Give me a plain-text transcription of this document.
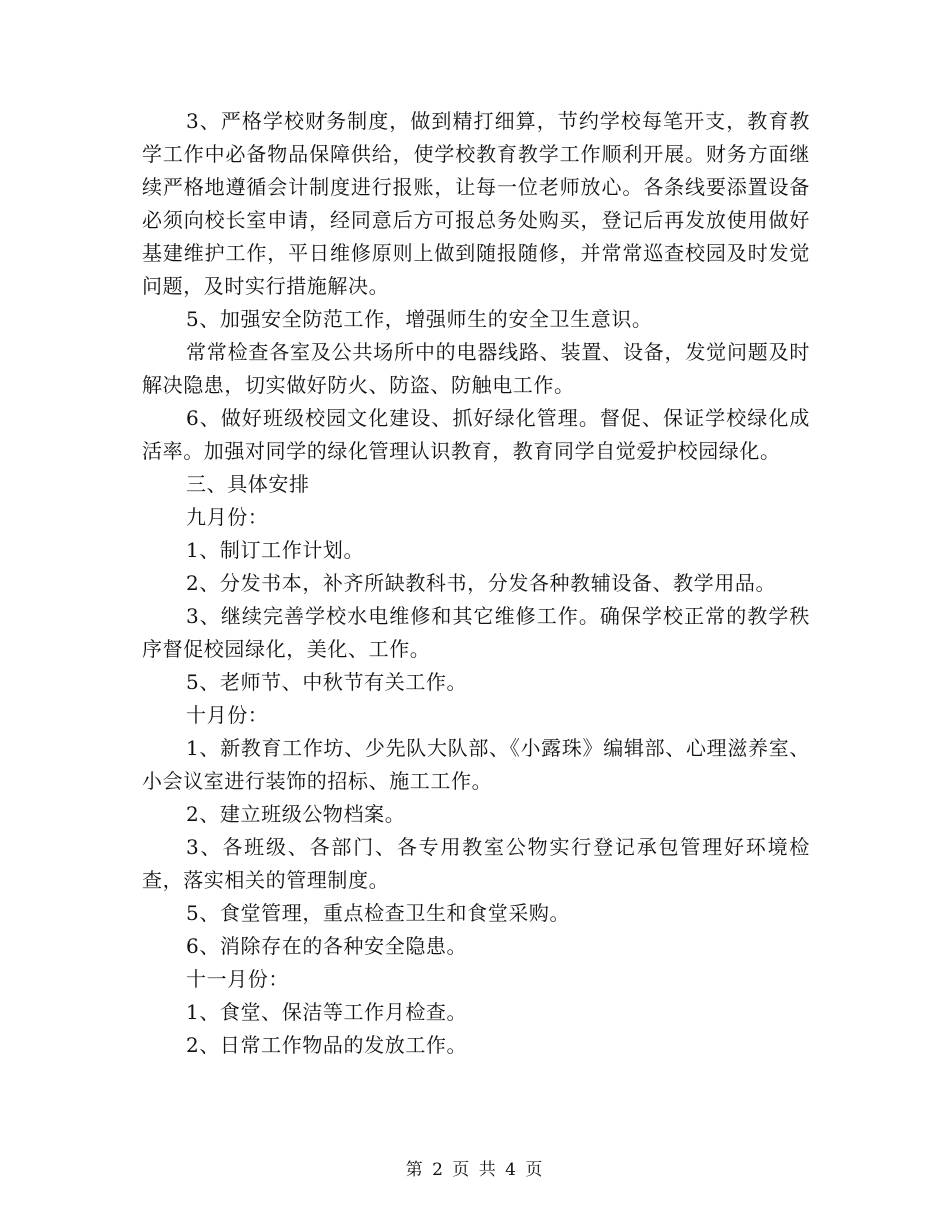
3、严格学校财务制度，做到精打细算，节约学校每笔开支，教育教学工作中必备物品保障供给，使学校教育教学工作顺利开展。财务方面继续严格地遵循会计制度进行报账，让每一位老师放心。各条线要添置设备必须向校长室申请，经同意后方可报总务处购买，登记后再发放使用做好基建维护工作，平日维修原则上做到随报随修，并常常巡查校园及时发觉问题，及时实行措施解决。

5、加强安全防范工作，增强师生的安全卫生意识。

常常检查各室及公共场所中的电器线路、装置、设备，发觉问题及时解决隐患，切实做好防火、防盗、防触电工作。

6、做好班级校园文化建设、抓好绿化管理。督促、保证学校绿化成活率。加强对同学的绿化管理认识教育，教育同学自觉爱护校园绿化。

三、具体安排

九月份：

1、制订工作计划。

2、分发书本，补齐所缺教科书，分发各种教辅设备、教学用品。

3、继续完善学校水电维修和其它维修工作。确保学校正常的教学秩序督促校园绿化，美化、工作。

5、老师节、中秋节有关工作。

十月份：

1、新教育工作坊、少先队大队部、《小露珠》编辑部、心理滋养室、小会议室进行装饰的招标、施工工作。

2、建立班级公物档案。

3、各班级、各部门、各专用教室公物实行登记承包管理好环境检查，落实相关的管理制度。

5、食堂管理，重点检查卫生和食堂采购。

6、消除存在的各种安全隐患。

十一月份：

1、食堂、保洁等工作月检查。

2、日常工作物品的发放工作。

第 2 页 共 4 页
